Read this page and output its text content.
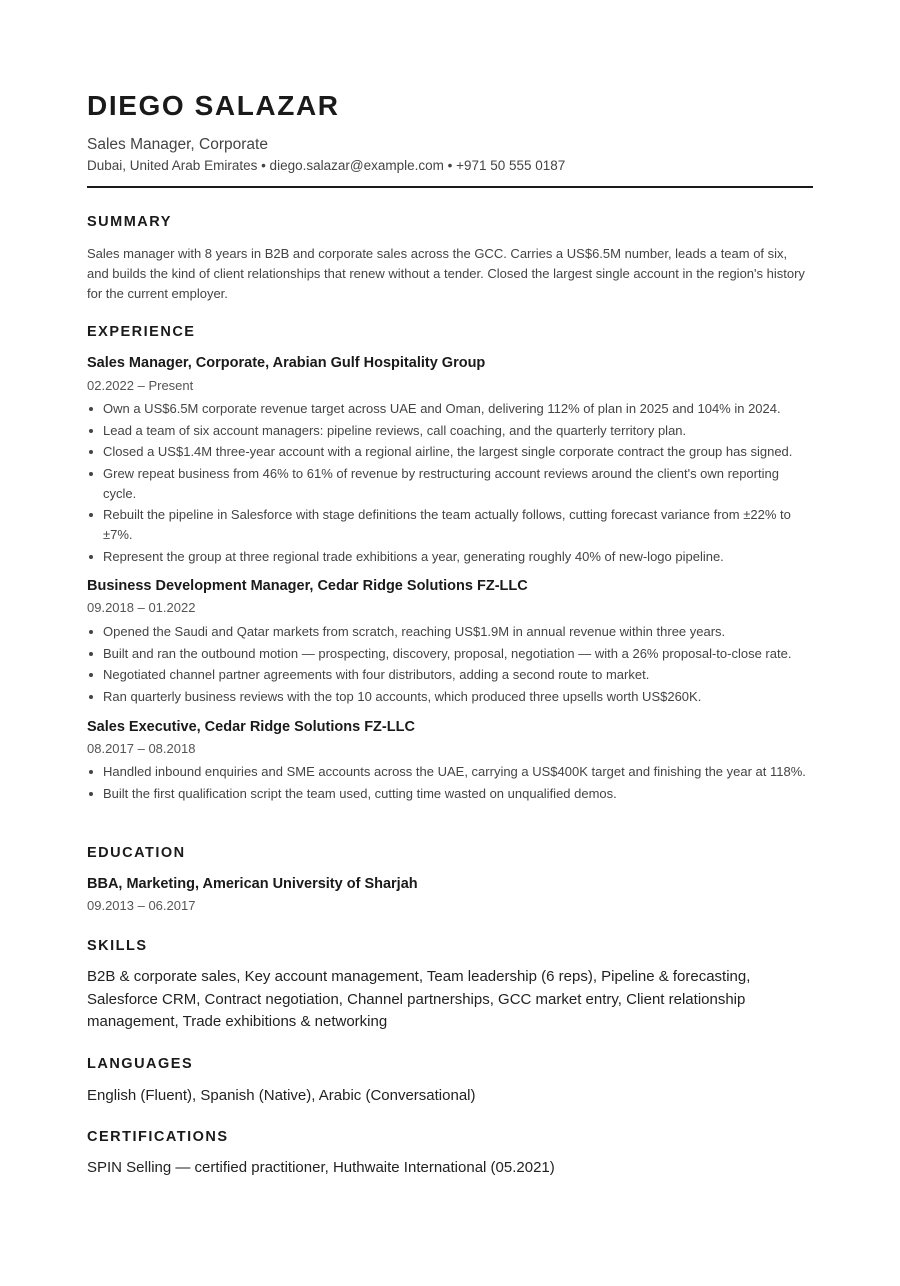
DIEGO SALAZAR
Sales Manager, Corporate
Dubai, United Arab Emirates • diego.salazar@example.com • +971 50 555 0187
SUMMARY

Sales manager with 8 years in B2B and corporate sales across the GCC. Carries a US$6.5M number, leads a team of six, and builds the kind of client relationships that renew without a tender. Closed the largest single account in the region's history for the current employer.

EXPERIENCE
Sales Manager, Corporate, Arabian Gulf Hospitality Group
02.2022 – Present
Own a US$6.5M corporate revenue target across UAE and Oman, delivering 112% of plan in 2025 and 104% in 2024.
Lead a team of six account managers: pipeline reviews, call coaching, and the quarterly territory plan.
Closed a US$1.4M three-year account with a regional airline, the largest single corporate contract the group has signed.
Grew repeat business from 46% to 61% of revenue by restructuring account reviews around the client's own reporting cycle.
Rebuilt the pipeline in Salesforce with stage definitions the team actually follows, cutting forecast variance from ±22% to ±7%.
Represent the group at three regional trade exhibitions a year, generating roughly 40% of new-logo pipeline.
Business Development Manager, Cedar Ridge Solutions FZ-LLC
09.2018 – 01.2022
Opened the Saudi and Qatar markets from scratch, reaching US$1.9M in annual revenue within three years.
Built and ran the outbound motion — prospecting, discovery, proposal, negotiation — with a 26% proposal-to-close rate.
Negotiated channel partner agreements with four distributors, adding a second route to market.
Ran quarterly business reviews with the top 10 accounts, which produced three upsells worth US$260K.
Sales Executive, Cedar Ridge Solutions FZ-LLC
08.2017 – 08.2018
Handled inbound enquiries and SME accounts across the UAE, carrying a US$400K target and finishing the year at 118%.
Built the first qualification script the team used, cutting time wasted on unqualified demos.
EDUCATION
BBA, Marketing, American University of Sharjah
09.2013 – 06.2017
SKILLS

B2B & corporate sales, Key account management, Team leadership (6 reps), Pipeline & forecasting, Salesforce CRM, Contract negotiation, Channel partnerships, GCC market entry, Client relationship management, Trade exhibitions & networking

LANGUAGES

English (Fluent), Spanish (Native), Arabic (Conversational)

CERTIFICATIONS

SPIN Selling — certified practitioner, Huthwaite International (05.2021)
